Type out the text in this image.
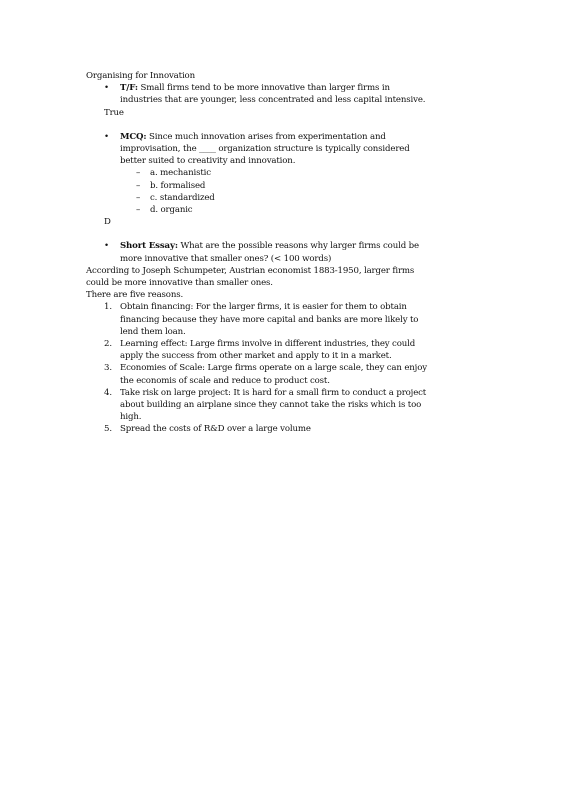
Organising for Innovation
• T/F: Small firms tend to be more innovative than larger firms in
industries that are younger, less concentrated and less capital intensive.
True
• MCQ: Since much innovation arises from experimentation and
improvisation, the ____ organization structure is typically considered
better suited to creativity and innovation.
– a. mechanistic
– b. formalised
– c. standardized
– d. organic
D
• Short Essay: What are the possible reasons why larger firms could be
more innovative that smaller ones? (< 100 words)
According to Joseph Schumpeter, Austrian economist 1883-1950, larger firms
could be more innovative than smaller ones.
There are five reasons.
1. Obtain financing: For the larger firms, it is easier for them to obtain
financing because they have more capital and banks are more likely to
lend them loan.
2. Learning effect: Large firms involve in different industries, they could
apply the success from other market and apply to it in a market.
3. Economies of Scale: Large firms operate on a large scale, they can enjoy
the economis of scale and reduce to product cost.
4. Take risk on large project: It is hard for a small firm to conduct a project
about building an airplane since they cannot take the risks which is too
high.
5. Spread the costs of R&D over a large volume
